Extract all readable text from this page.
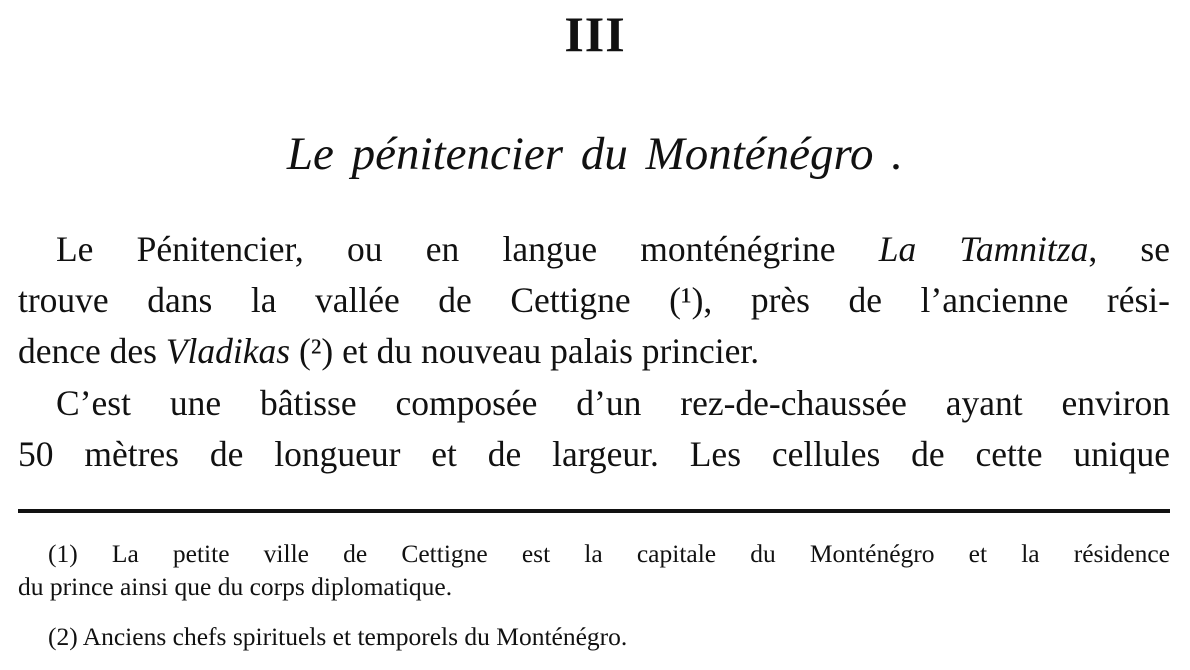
III
Le pénitencier du Monténégro .
Le Pénitencier, ou en langue monténégrine La Tamnitza, se
trouve dans la vallée de Cettigne (¹), près de l’ancienne rési-
dence des Vladikas (²) et du nouveau palais princier.
C’est une bâtisse composée d’un rez-de-chaussée ayant environ
50 mètres de longueur et de largeur. Les cellules de cette unique
(1) La petite ville de Cettigne est la capitale du Monténégro et la résidence
du prince ainsi que du corps diplomatique.
(2) Anciens chefs spirituels et temporels du Monténégro.
